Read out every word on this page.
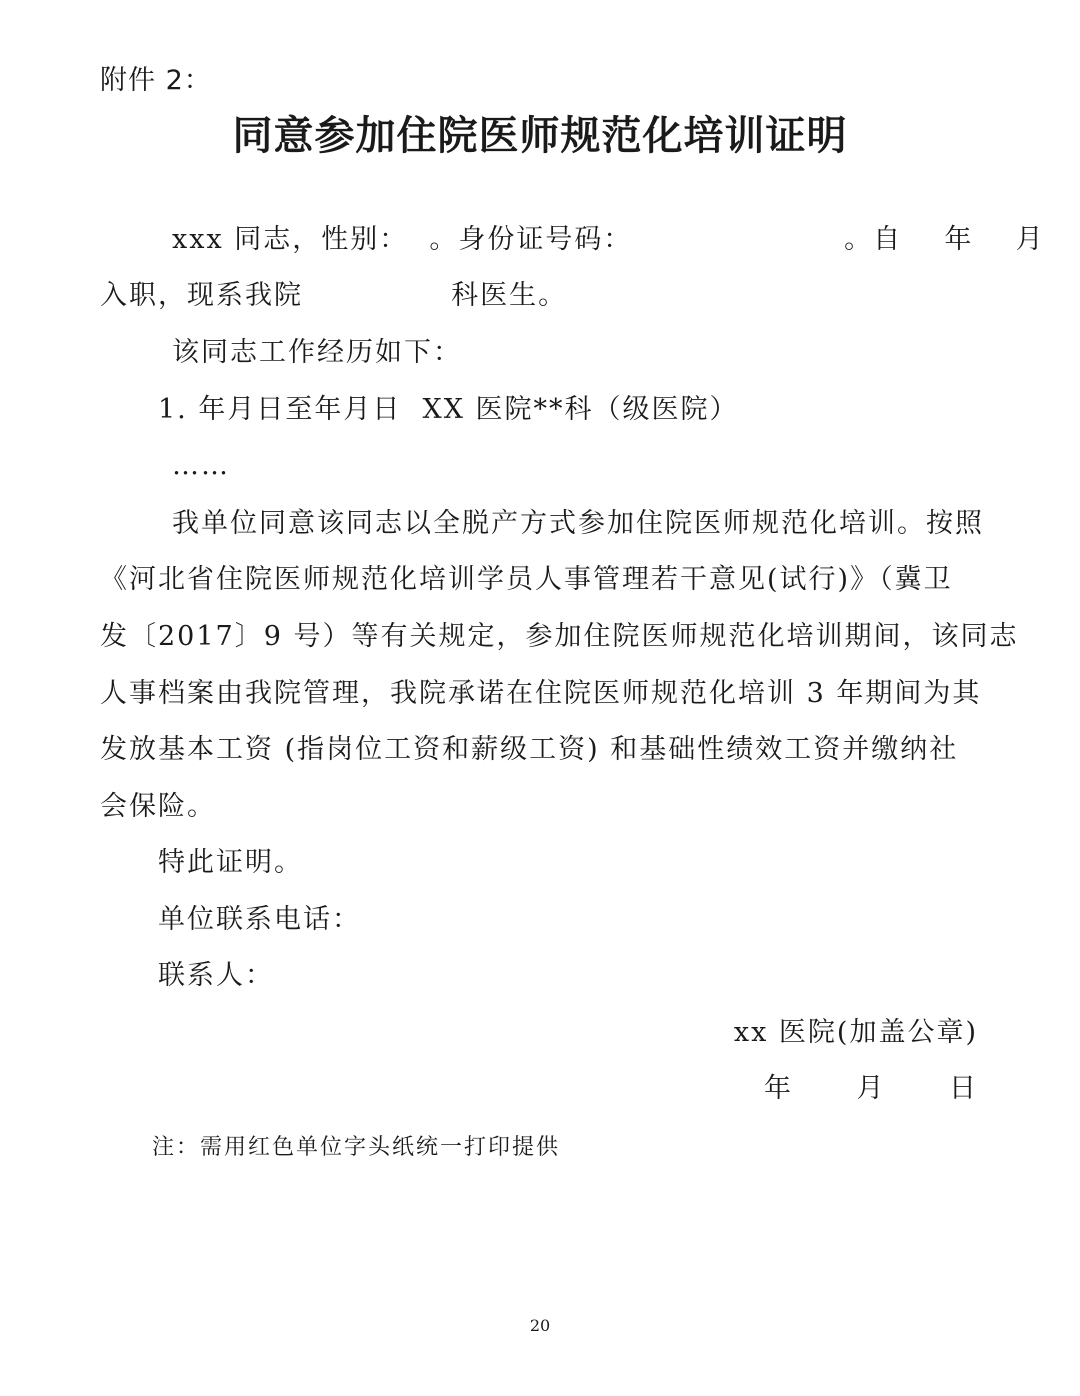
附件 2：
同意参加住院医师规范化培训证明
xxx 同志，性别：  。身份证号码：                    。自    年    月
入职，现系我院              科医生。
该同志工作经历如下：
1. 年月日至年月日  XX 医院**科（级医院）
……
我单位同意该同志以全脱产方式参加住院医师规范化培训。按照
《河北省住院医师规范化培训学员人事管理若干意见(试行)》（冀卫
发〔2017〕9 号）等有关规定，参加住院医师规范化培训期间，该同志
人事档案由我院管理，我院承诺在住院医师规范化培训 3 年期间为其
发放基本工资 (指岗位工资和薪级工资) 和基础性绩效工资并缴纳社
会保险。
特此证明。
单位联系电话：
联系人：
xx 医院(加盖公章)
年      月      日
注：需用红色单位字头纸统一打印提供
20
